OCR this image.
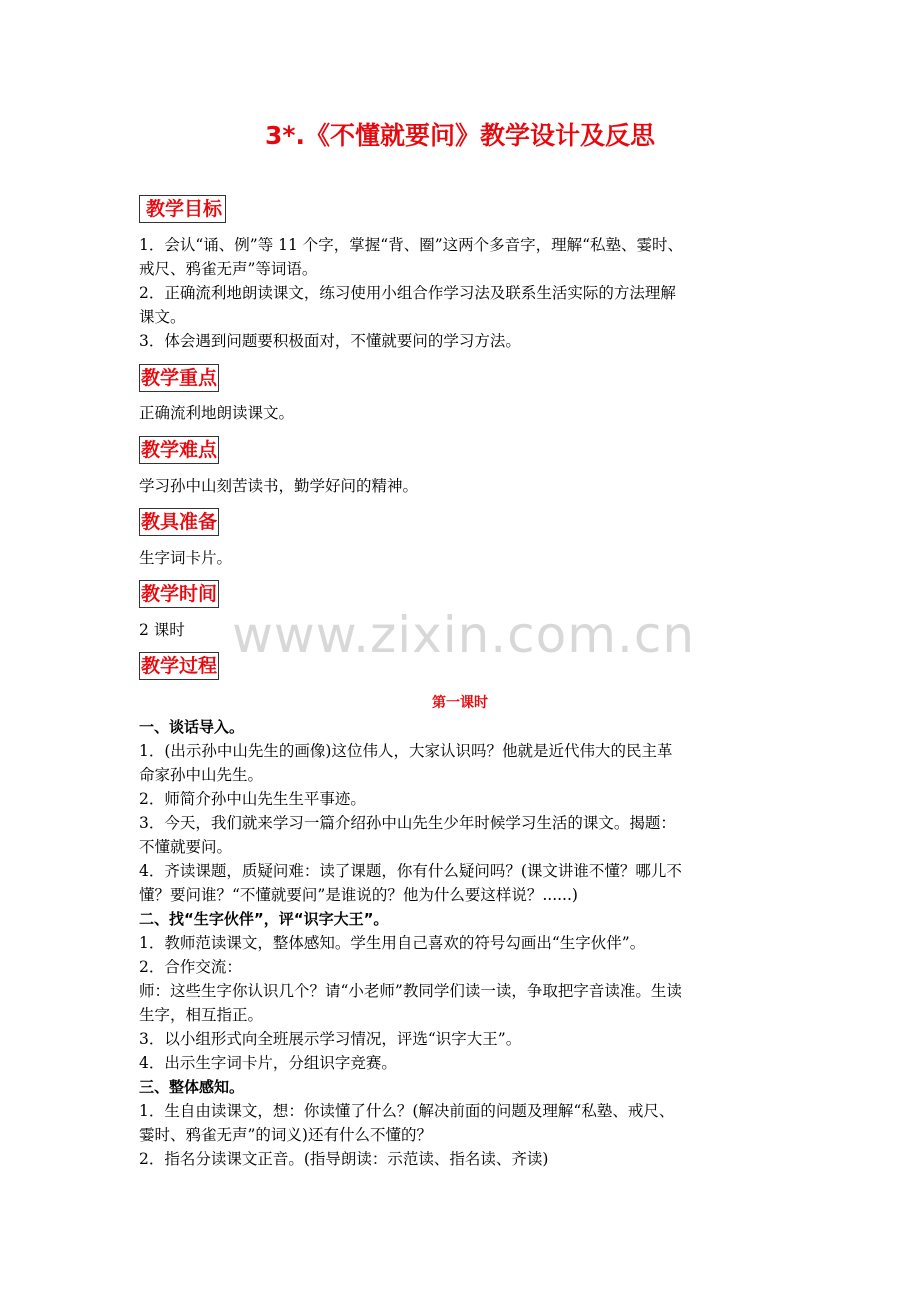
www.zixin.com.cn
3*.《不懂就要问》教学设计及反思
教学目标
1．会认“诵、例”等 11 个字，掌握“背、圈”这两个多音字，理解“私塾、霎时、
戒尺、鸦雀无声”等词语。
2．正确流利地朗读课文，练习使用小组合作学习法及联系生活实际的方法理解
课文。
3．体会遇到问题要积极面对，不懂就要问的学习方法。
教学重点
正确流利地朗读课文。
教学难点
学习孙中山刻苦读书，勤学好问的精神。
教具准备
生字词卡片。
教学时间
2 课时
教学过程
第一课时
一、谈话导入。
1．(出示孙中山先生的画像)这位伟人，大家认识吗？他就是近代伟大的民主革
命家孙中山先生。
2．师简介孙中山先生生平事迹。
3．今天，我们就来学习一篇介绍孙中山先生少年时候学习生活的课文。揭题：
不懂就要问。
4．齐读课题，质疑问难：读了课题，你有什么疑问吗？(课文讲谁不懂？哪儿不
懂？要问谁？“不懂就要问”是谁说的？他为什么要这样说？......)
二、找“生字伙伴”，评“识字大王”。
1．教师范读课文，整体感知。学生用自己喜欢的符号勾画出“生字伙伴”。
2．合作交流：
师：这些生字你认识几个？请“小老师”教同学们读一读，争取把字音读准。生读
生字，相互指正。
3．以小组形式向全班展示学习情况，评选“识字大王”。
4．出示生字词卡片，分组识字竞赛。
三、整体感知。
1．生自由读课文，想：你读懂了什么？(解决前面的问题及理解“私塾、戒尺、
霎时、鸦雀无声”的词义)还有什么不懂的？
2．指名分读课文正音。(指导朗读：示范读、指名读、齐读)
